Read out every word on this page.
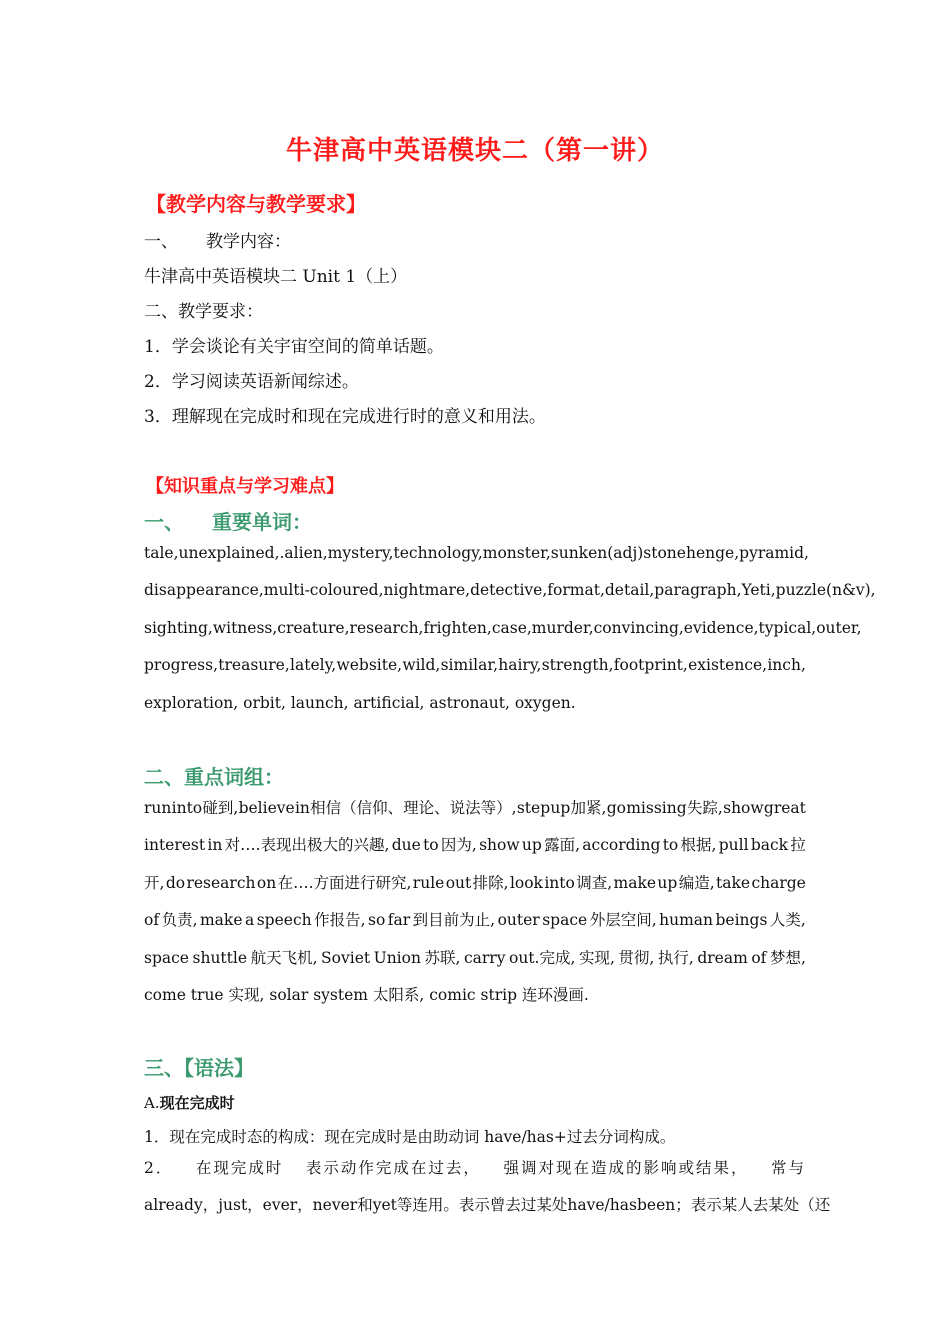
牛津高中英语模块二（第一讲）
【教学内容与教学要求】
一、 教学内容：
牛津高中英语模块二 Unit 1（上）
二、教学要求：
1．学会谈论有关宇宙空间的简单话题。
2．学习阅读英语新闻综述。
3．理解现在完成时和现在完成进行时的意义和用法。
【知识重点与学习难点】
一、 重要单词：
tale, unexplained, .alien, mystery, technology, monster, sunken(adj) stonehenge, pyramid,
disappearance, multi-coloured, nightmare, detective, format, detail, paragraph, Yeti, puzzle(n&v),
sighting, witness, creature, research, frighten, case, murder, convincing, evidence, typical, outer,
progress, treasure, lately, website, wild, similar, hairy, strength, footprint, existence, inch,
exploration, orbit, launch, artificial, astronaut, oxygen.
二、重点词组：
run into 碰到, believe in 相信（信仰、理论、说法等）, step up 加紧, go missing 失踪, show great
interest in 对….表现出极大的兴趣, due to 因为, show up 露面, according to 根据, pull back 拉
开, do research on 在….方面进行研究, rule out 排除, look into 调查, make up 编造, take charge
of 负责, make a speech 作报告, so far 到目前为止, outer space 外层空间, human beings 人类,
space shuttle 航天飞机, Soviet Union 苏联, carry out.完成, 实现, 贯彻, 执行, dream of 梦想,
come true 实现, solar system 太阳系, comic strip 连环漫画.
三、【语法】
A.现在完成时
1．现在完成时态的构成：现在完成时是由助动词 have/has+过去分词构成。
2． 在现完成时 表示动作完成在过去， 强调对现在造成的影响或结果， 常与
already，just，ever，never 和 yet 等连用。表示曾去过某处 have / has been；表示某人去某处（还
